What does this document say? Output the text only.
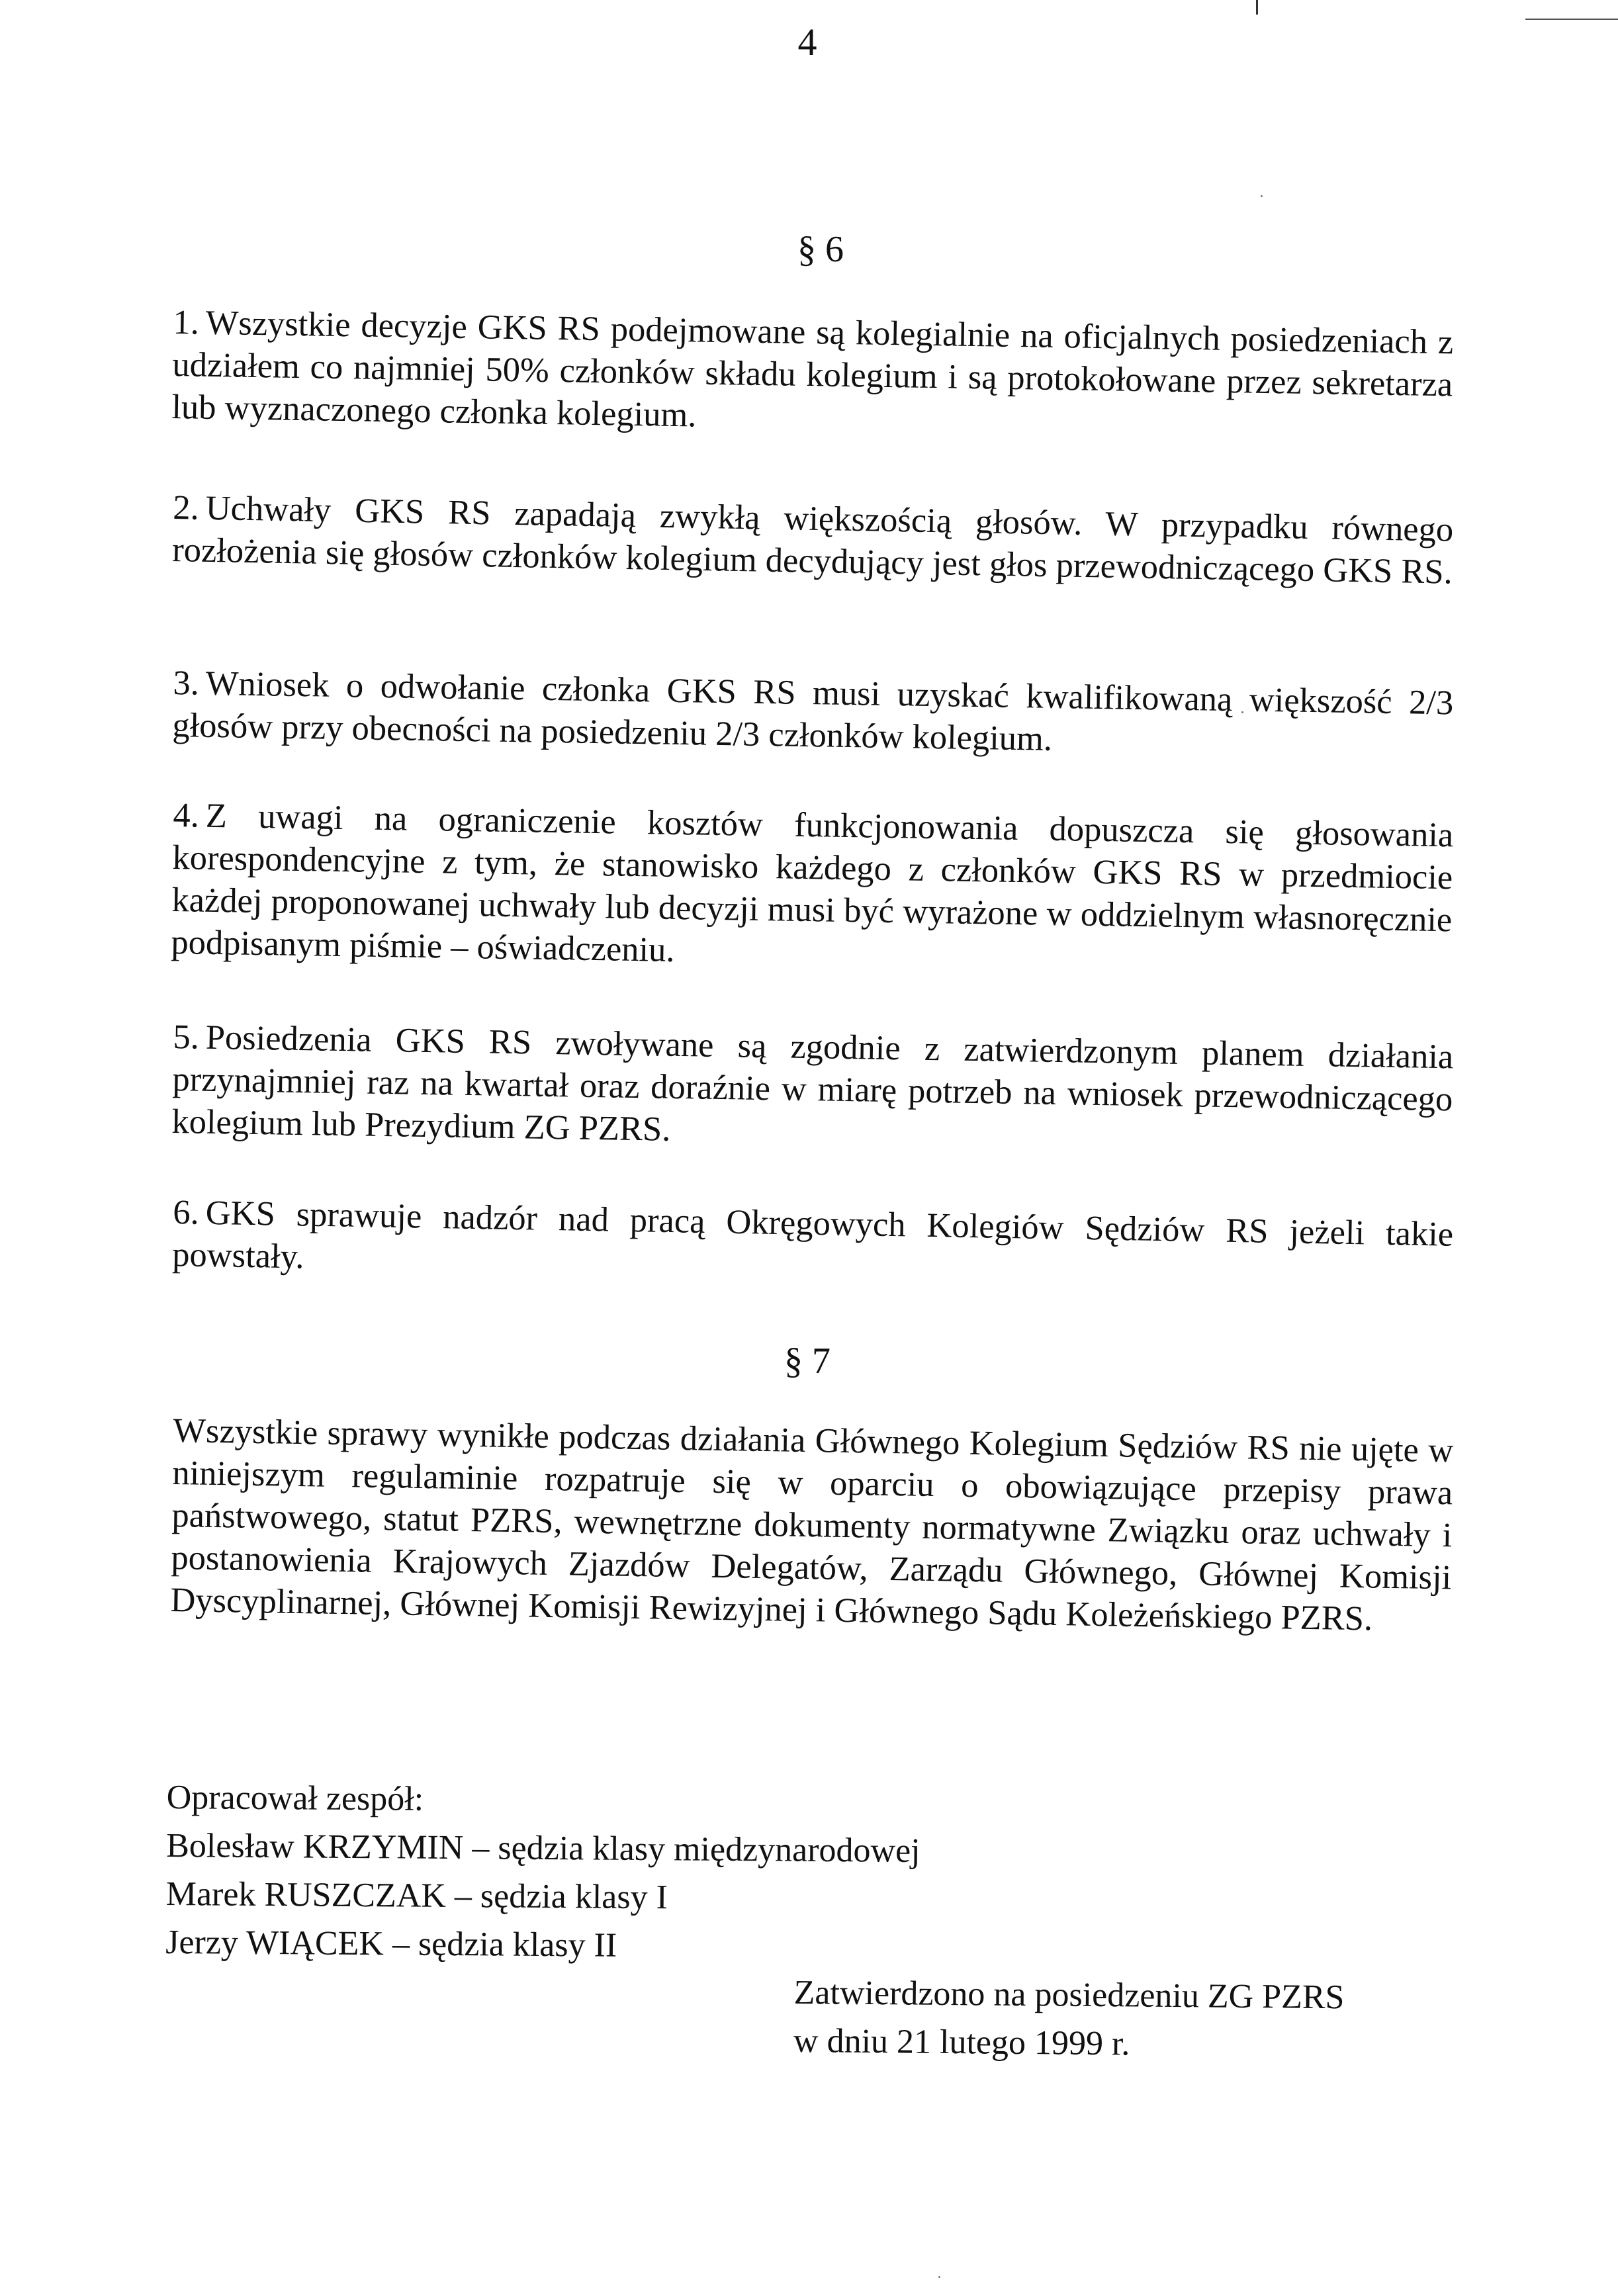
4
§ 6
1. Wszystkie decyzje GKS RS podejmowane są kolegialnie na oficjalnych posiedzeniach z udziałem co najmniej 50% członków składu kolegium i są protokołowane przez sekretarza lub wyznaczonego członka kolegium.
2. Uchwały GKS RS zapadają zwykłą większością głosów. W przypadku równego rozłożenia się głosów członków kolegium decydujący jest głos przewodniczącego GKS RS.
3. Wniosek o odwołanie członka GKS RS musi uzyskać kwalifikowaną większość 2/3 głosów przy obecności na posiedzeniu 2/3 członków kolegium.
4. Z uwagi na ograniczenie kosztów funkcjonowania dopuszcza się głosowania korespondencyjne z tym, że stanowisko każdego z członków GKS RS w przedmiocie każdej proponowanej uchwały lub decyzji musi być wyrażone w oddzielnym własnoręcznie podpisanym piśmie – oświadczeniu.
5. Posiedzenia GKS RS zwoływane są zgodnie z zatwierdzonym planem działania przynajmniej raz na kwartał oraz doraźnie w miarę potrzeb na wniosek przewodniczącego kolegium lub Prezydium ZG PZRS.
6. GKS sprawuje nadzór nad pracą Okręgowych Kolegiów Sędziów RS jeżeli takie powstały.
§ 7
Wszystkie sprawy wynikłe podczas działania Głównego Kolegium Sędziów RS nie ujęte w niniejszym regulaminie rozpatruje się w oparciu o obowiązujące przepisy prawa państwowego, statut PZRS, wewnętrzne dokumenty normatywne Związku oraz uchwały i postanowienia Krajowych Zjazdów Delegatów, Zarządu Głównego, Głównej Komisji Dyscyplinarnej, Głównej Komisji Rewizyjnej i Głównego Sądu Koleżeńskiego PZRS.
Opracował zespół:
Bolesław KRZYMIN – sędzia klasy międzynarodowej
Marek RUSZCZAK – sędzia klasy I
Jerzy WIĄCEK – sędzia klasy II
Zatwierdzono na posiedzeniu ZG PZRS
w dniu 21 lutego 1999 r.
